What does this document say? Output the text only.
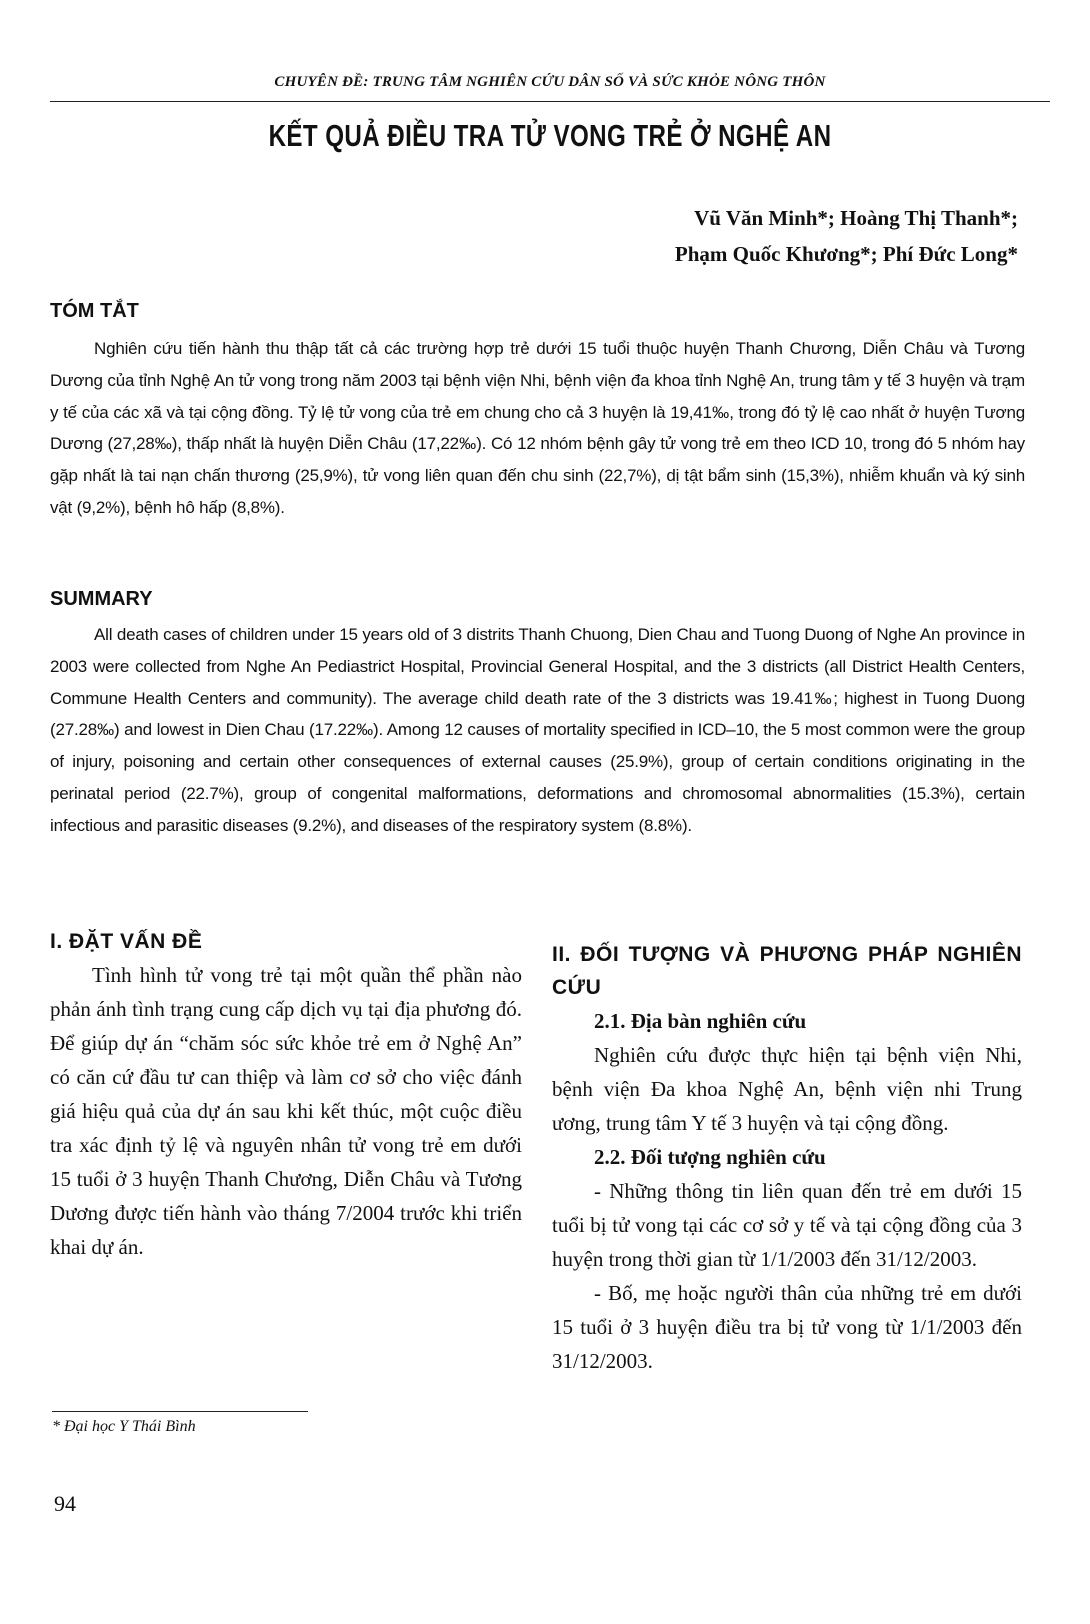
CHUYÊN ĐỀ: TRUNG TÂM NGHIÊN CỨU DÂN SỐ VÀ SỨC KHỎE NÔNG THÔN
KẾT QUẢ ĐIỀU TRA TỬ VONG TRẺ Ở NGHỆ AN
Vũ Văn Minh*; Hoàng Thị Thanh*;
Phạm Quốc Khương*; Phí Đức Long*
TÓM TẮT
Nghiên cứu tiến hành thu thập tất cả các trường hợp trẻ dưới 15 tuổi thuộc huyện Thanh Chương, Diễn Châu và Tương Dương của tỉnh Nghệ An tử vong trong năm 2003 tại bệnh viện Nhi, bệnh viện đa khoa tỉnh Nghệ An, trung tâm y tế 3 huyện và trạm y tế của các xã và tại cộng đồng. Tỷ lệ tử vong của trẻ em chung cho cả 3 huyện là 19,41‰, trong đó tỷ lệ cao nhất ở huyện Tương Dương (27,28‰), thấp nhất là huyện Diễn Châu (17,22‰). Có 12 nhóm bệnh gây tử vong trẻ em theo ICD 10, trong đó 5 nhóm hay gặp nhất là tai nạn chấn thương (25,9%), tử vong liên quan đến chu sinh (22,7%), dị tật bẩm sinh (15,3%), nhiễm khuẩn và ký sinh vật (9,2%), bệnh hô hấp (8,8%).
SUMMARY
All death cases of children under 15 years old of 3 distrits Thanh Chuong, Dien Chau and Tuong Duong of Nghe An province in 2003 were collected from Nghe An Pediastrict Hospital, Provincial General Hospital, and the 3 districts (all District Health Centers, Commune Health Centers and community). The average child death rate of the 3 districts was 19.41‰; highest in Tuong Duong (27.28‰) and lowest in Dien Chau (17.22‰). Among 12 causes of mortality specified in ICD–10, the 5 most common were the group of injury, poisoning and certain other consequences of external causes (25.9%), group of certain conditions originating in the perinatal period (22.7%), group of congenital malformations, deformations and chromosomal abnormalities (15.3%), certain infectious and parasitic diseases (9.2%), and diseases of the respiratory system (8.8%).
I. ĐẶT VẤN ĐỀ

Tình hình tử vong trẻ tại một quần thể phần nào phản ánh tình trạng cung cấp dịch vụ tại địa phương đó. Để giúp dự án “chăm sóc sức khỏe trẻ em ở Nghệ An” có căn cứ đầu tư can thiệp và làm cơ sở cho việc đánh giá hiệu quả của dự án sau khi kết thúc, một cuộc điều tra xác định tỷ lệ và nguyên nhân tử vong trẻ em dưới 15 tuổi ở 3 huyện Thanh Chương, Diễn Châu và Tương Dương được tiến hành vào tháng 7/2004 trước khi triển khai dự án.

II. ĐỐI TƯỢNG VÀ PHƯƠNG PHÁP NGHIÊN CỨU

2.1. Địa bàn nghiên cứu

Nghiên cứu được thực hiện tại bệnh viện Nhi, bệnh viện Đa khoa Nghệ An, bệnh viện nhi Trung ương, trung tâm Y tế 3 huyện và tại cộng đồng.

2.2. Đối tượng nghiên cứu

- Những thông tin liên quan đến trẻ em dưới 15 tuổi bị tử vong tại các cơ sở y tế và tại cộng đồng của 3 huyện trong thời gian từ 1/1/2003 đến 31/12/2003.

- Bố, mẹ hoặc người thân của những trẻ em dưới 15 tuổi ở 3 huyện điều tra bị tử vong từ 1/1/2003 đến 31/12/2003.

* Đại học Y Thái Bình
94
